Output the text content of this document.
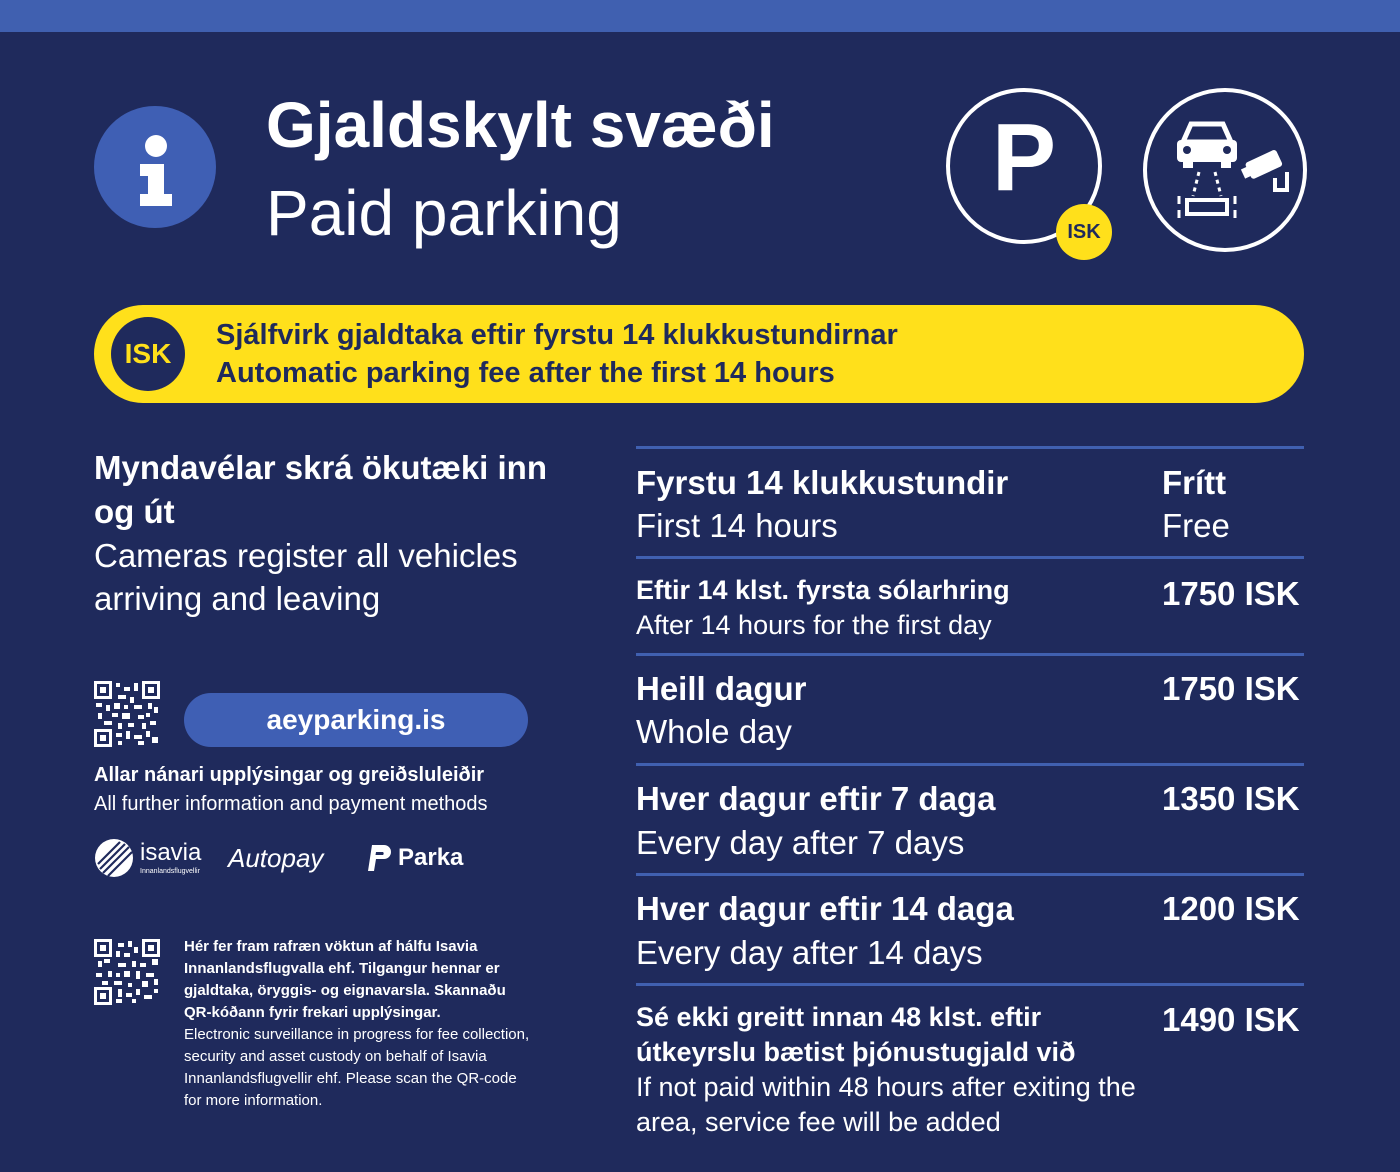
Gjaldskylt svæði
Paid parking
P
ISK
ISK
Sjálfvirk gjaldtaka eftir fyrstu 14 klukkustundirnar
Automatic parking fee after the first 14 hours
Myndavélar skrá ökutæki inn og út
Cameras register all vehicles arriving and leaving
aeyparking.is
Allar nánari upplýsingar og greiðsluleiðir
All further information and payment methods
isavia
Innanlandsflugvellir Autopay	Parka
Hér fer fram rafræn vöktun af hálfu Isavia Innanlandsflugvalla ehf. Tilgangur hennar er gjaldtaka, öryggis- og eignavarsla. Skannaðu QR-kóðann fyrir frekari upplýsingar.
Electronic surveillance in progress for fee collection, security and asset custody on behalf of Isavia Innanlandsflugvellir ehf. Please scan the QR-code for more information.
Fyrstu 14 klukkustundir
First 14 hours
Frítt
Free
Eftir 14 klst. fyrsta sólarhring
After 14 hours for the first day
1750 ISK
Heill dagur
Whole day
1750 ISK
Hver dagur eftir 7 daga
Every day after 7 days
1350 ISK
Hver dagur eftir 14 daga
Every day after 14 days
1200 ISK
Sé ekki greitt innan 48 klst. eftir útkeyrslu bætist þjónustugjald við
If not paid within 48 hours after exiting the area, service fee will be added
1490 ISK
